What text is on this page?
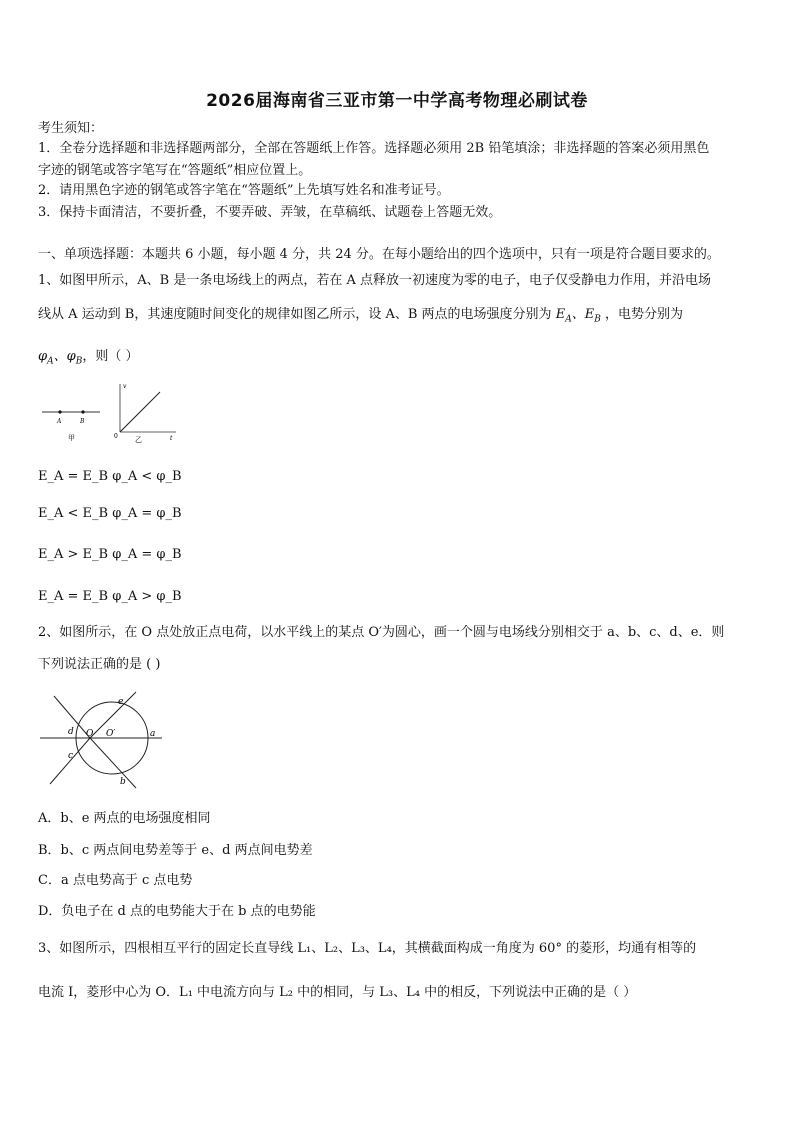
2026届海南省三亚市第一中学高考物理必刷试卷
考生须知：
1．全卷分选择题和非选择题两部分，全部在答题纸上作答。选择题必须用 2B 铅笔填涂；非选择题的答案必须用黑色
字迹的钢笔或答字笔写在“答题纸”相应位置上。
2．请用黑色字迹的钢笔或答字笔在“答题纸”上先填写姓名和准考证号。
3．保持卡面清洁，不要折叠，不要弄破、弄皱，在草稿纸、试题卷上答题无效。
一、单项选择题：本题共 6 小题，每小题 4 分，共 24 分。在每小题给出的四个选项中，只有一项是符合题目要求的。
1、如图甲所示，A、B 是一条电场线上的两点，若在 A 点释放一初速度为零的电子，电子仅受静电力作用，并沿电场
线从 A 运动到 B，其速度随时间变化的规律如图乙所示，设 A、B 两点的电场强度分别为 $E_A$、$E_B$ ，电势分别为
$\varphi_A$、$\varphi_B$，则（ ）
A	B
甲
v
t
0 乙
E_A = E_B φ_A < φ_B
E_A < E_B φ_A = φ_B
E_A > E_B φ_A = φ_B
E_A = E_B φ_A > φ_B
2、如图所示，在 O 点处放正点电荷，以水平线上的某点 O′为圆心，画一个圆与电场线分别相交于 a、b、c、d、e．则
下列说法正确的是 ( )
e
d O O′	a
c
b
A．b、e 两点的电场强度相同
B．b、c 两点间电势差等于 e、d 两点间电势差
C．a 点电势高于 c 点电势
D．负电子在 d 点的电势能大于在 b 点的电势能
3、如图所示，四根相互平行的固定长直导线 L₁、L₂、L₃、L₄，其横截面构成一角度为 60° 的菱形，均通有相等的
电流 I，菱形中心为 O．L₁ 中电流方向与 L₂ 中的相同，与 L₃、L₄ 中的相反，下列说法中正确的是（ ）
